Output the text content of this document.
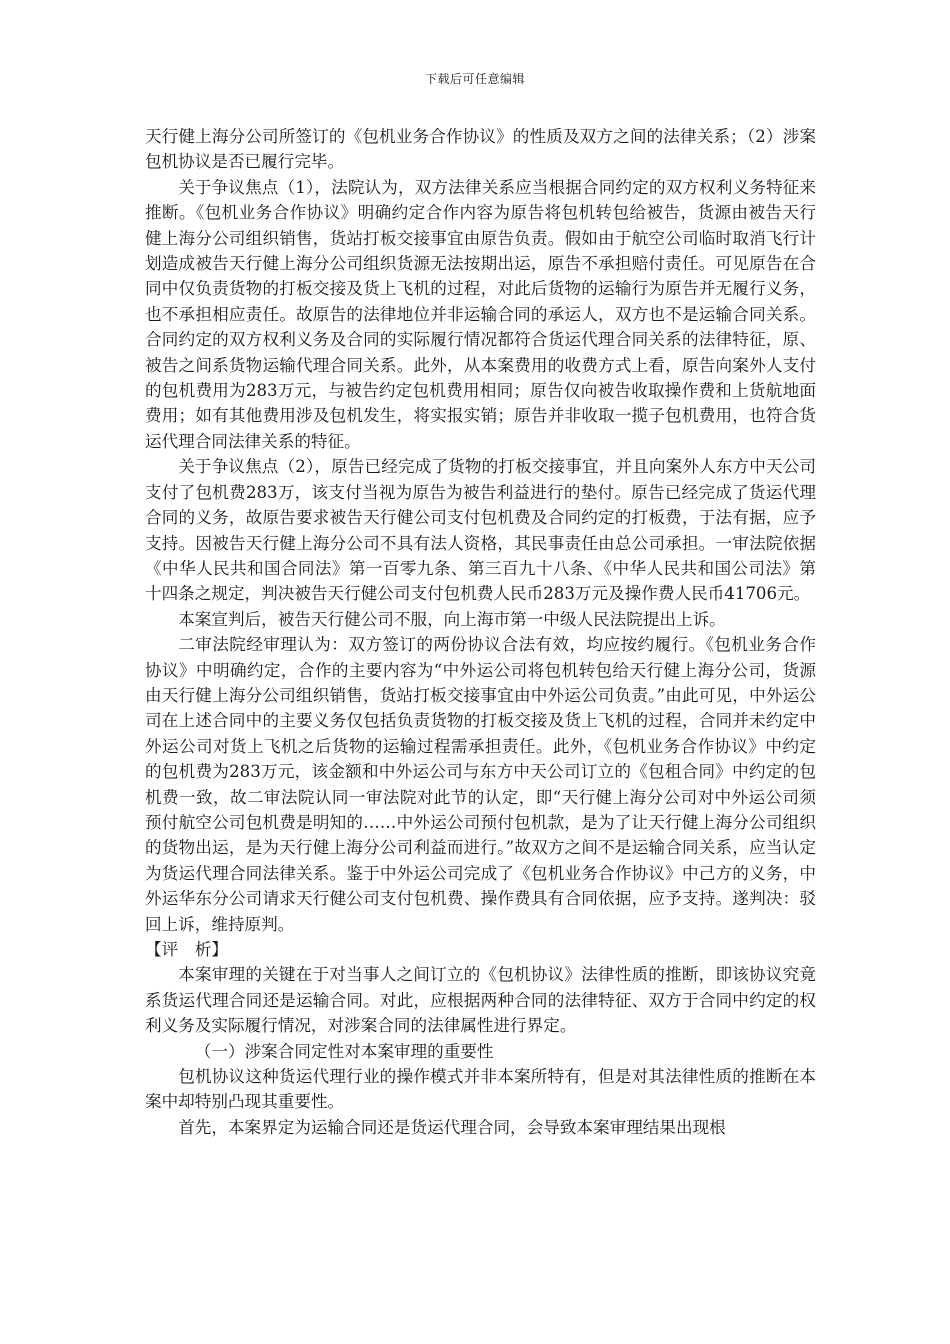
下载后可任意编辑

天行健上海分公司所签订的《包机业务合作协议》的性质及双方之间的法律关系；（2）涉案包机协议是否已履行完毕。

关于争议焦点（1），法院认为，双方法律关系应当根据合同约定的双方权利义务特征来推断。《包机业务合作协议》明确约定合作内容为原告将包机转包给被告，货源由被告天行健上海分公司组织销售，货站打板交接事宜由原告负责。假如由于航空公司临时取消飞行计划造成被告天行健上海分公司组织货源无法按期出运，原告不承担赔付责任。可见原告在合同中仅负责货物的打板交接及货上飞机的过程，对此后货物的运输行为原告并无履行义务，也不承担相应责任。故原告的法律地位并非运输合同的承运人，双方也不是运输合同关系。合同约定的双方权利义务及合同的实际履行情况都符合货运代理合同关系的法律特征，原、被告之间系货物运输代理合同关系。此外，从本案费用的收费方式上看，原告向案外人支付的包机费用为283万元，与被告约定包机费用相同；原告仅向被告收取操作费和上货航地面费用；如有其他费用涉及包机发生，将实报实销；原告并非收取一揽子包机费用，也符合货运代理合同法律关系的特征。

关于争议焦点（2），原告已经完成了货物的打板交接事宜，并且向案外人东方中天公司支付了包机费283万，该支付当视为原告为被告利益进行的垫付。原告已经完成了货运代理合同的义务，故原告要求被告天行健公司支付包机费及合同约定的打板费，于法有据，应予支持。因被告天行健上海分公司不具有法人资格，其民事责任由总公司承担。一审法院依据《中华人民共和国合同法》第一百零九条、第三百九十八条、《中华人民共和国公司法》第十四条之规定，判决被告天行健公司支付包机费人民币283万元及操作费人民币41706元。

本案宣判后，被告天行健公司不服，向上海市第一中级人民法院提出上诉。

二审法院经审理认为：双方签订的两份协议合法有效，均应按约履行。《包机业务合作协议》中明确约定，合作的主要内容为“中外运公司将包机转包给天行健上海分公司，货源由天行健上海分公司组织销售，货站打板交接事宜由中外运公司负责。”由此可见，中外运公司在上述合同中的主要义务仅包括负责货物的打板交接及货上飞机的过程，合同并未约定中外运公司对货上飞机之后货物的运输过程需承担责任。此外，《包机业务合作协议》中约定的包机费为283万元，该金额和中外运公司与东方中天公司订立的《包租合同》中约定的包机费一致，故二审法院认同一审法院对此节的认定，即“天行健上海分公司对中外运公司须预付航空公司包机费是明知的……中外运公司预付包机款，是为了让天行健上海分公司组织的货物出运，是为天行健上海分公司利益而进行。”故双方之间不是运输合同关系，应当认定为货运代理合同法律关系。鉴于中外运公司完成了《包机业务合作协议》中己方的义务，中外运华东分公司请求天行健公司支付包机费、操作费具有合同依据，应予支持。遂判决：驳回上诉，维持原判。

【评　析】

本案审理的关键在于对当事人之间订立的《包机协议》法律性质的推断，即该协议究竟系货运代理合同还是运输合同。对此，应根据两种合同的法律特征、双方于合同中约定的权利义务及实际履行情况，对涉案合同的法律属性进行界定。

（一）涉案合同定性对本案审理的重要性

包机协议这种货运代理行业的操作模式并非本案所特有，但是对其法律性质的推断在本案中却特别凸现其重要性。

首先，本案界定为运输合同还是货运代理合同，会导致本案审理结果出现根
